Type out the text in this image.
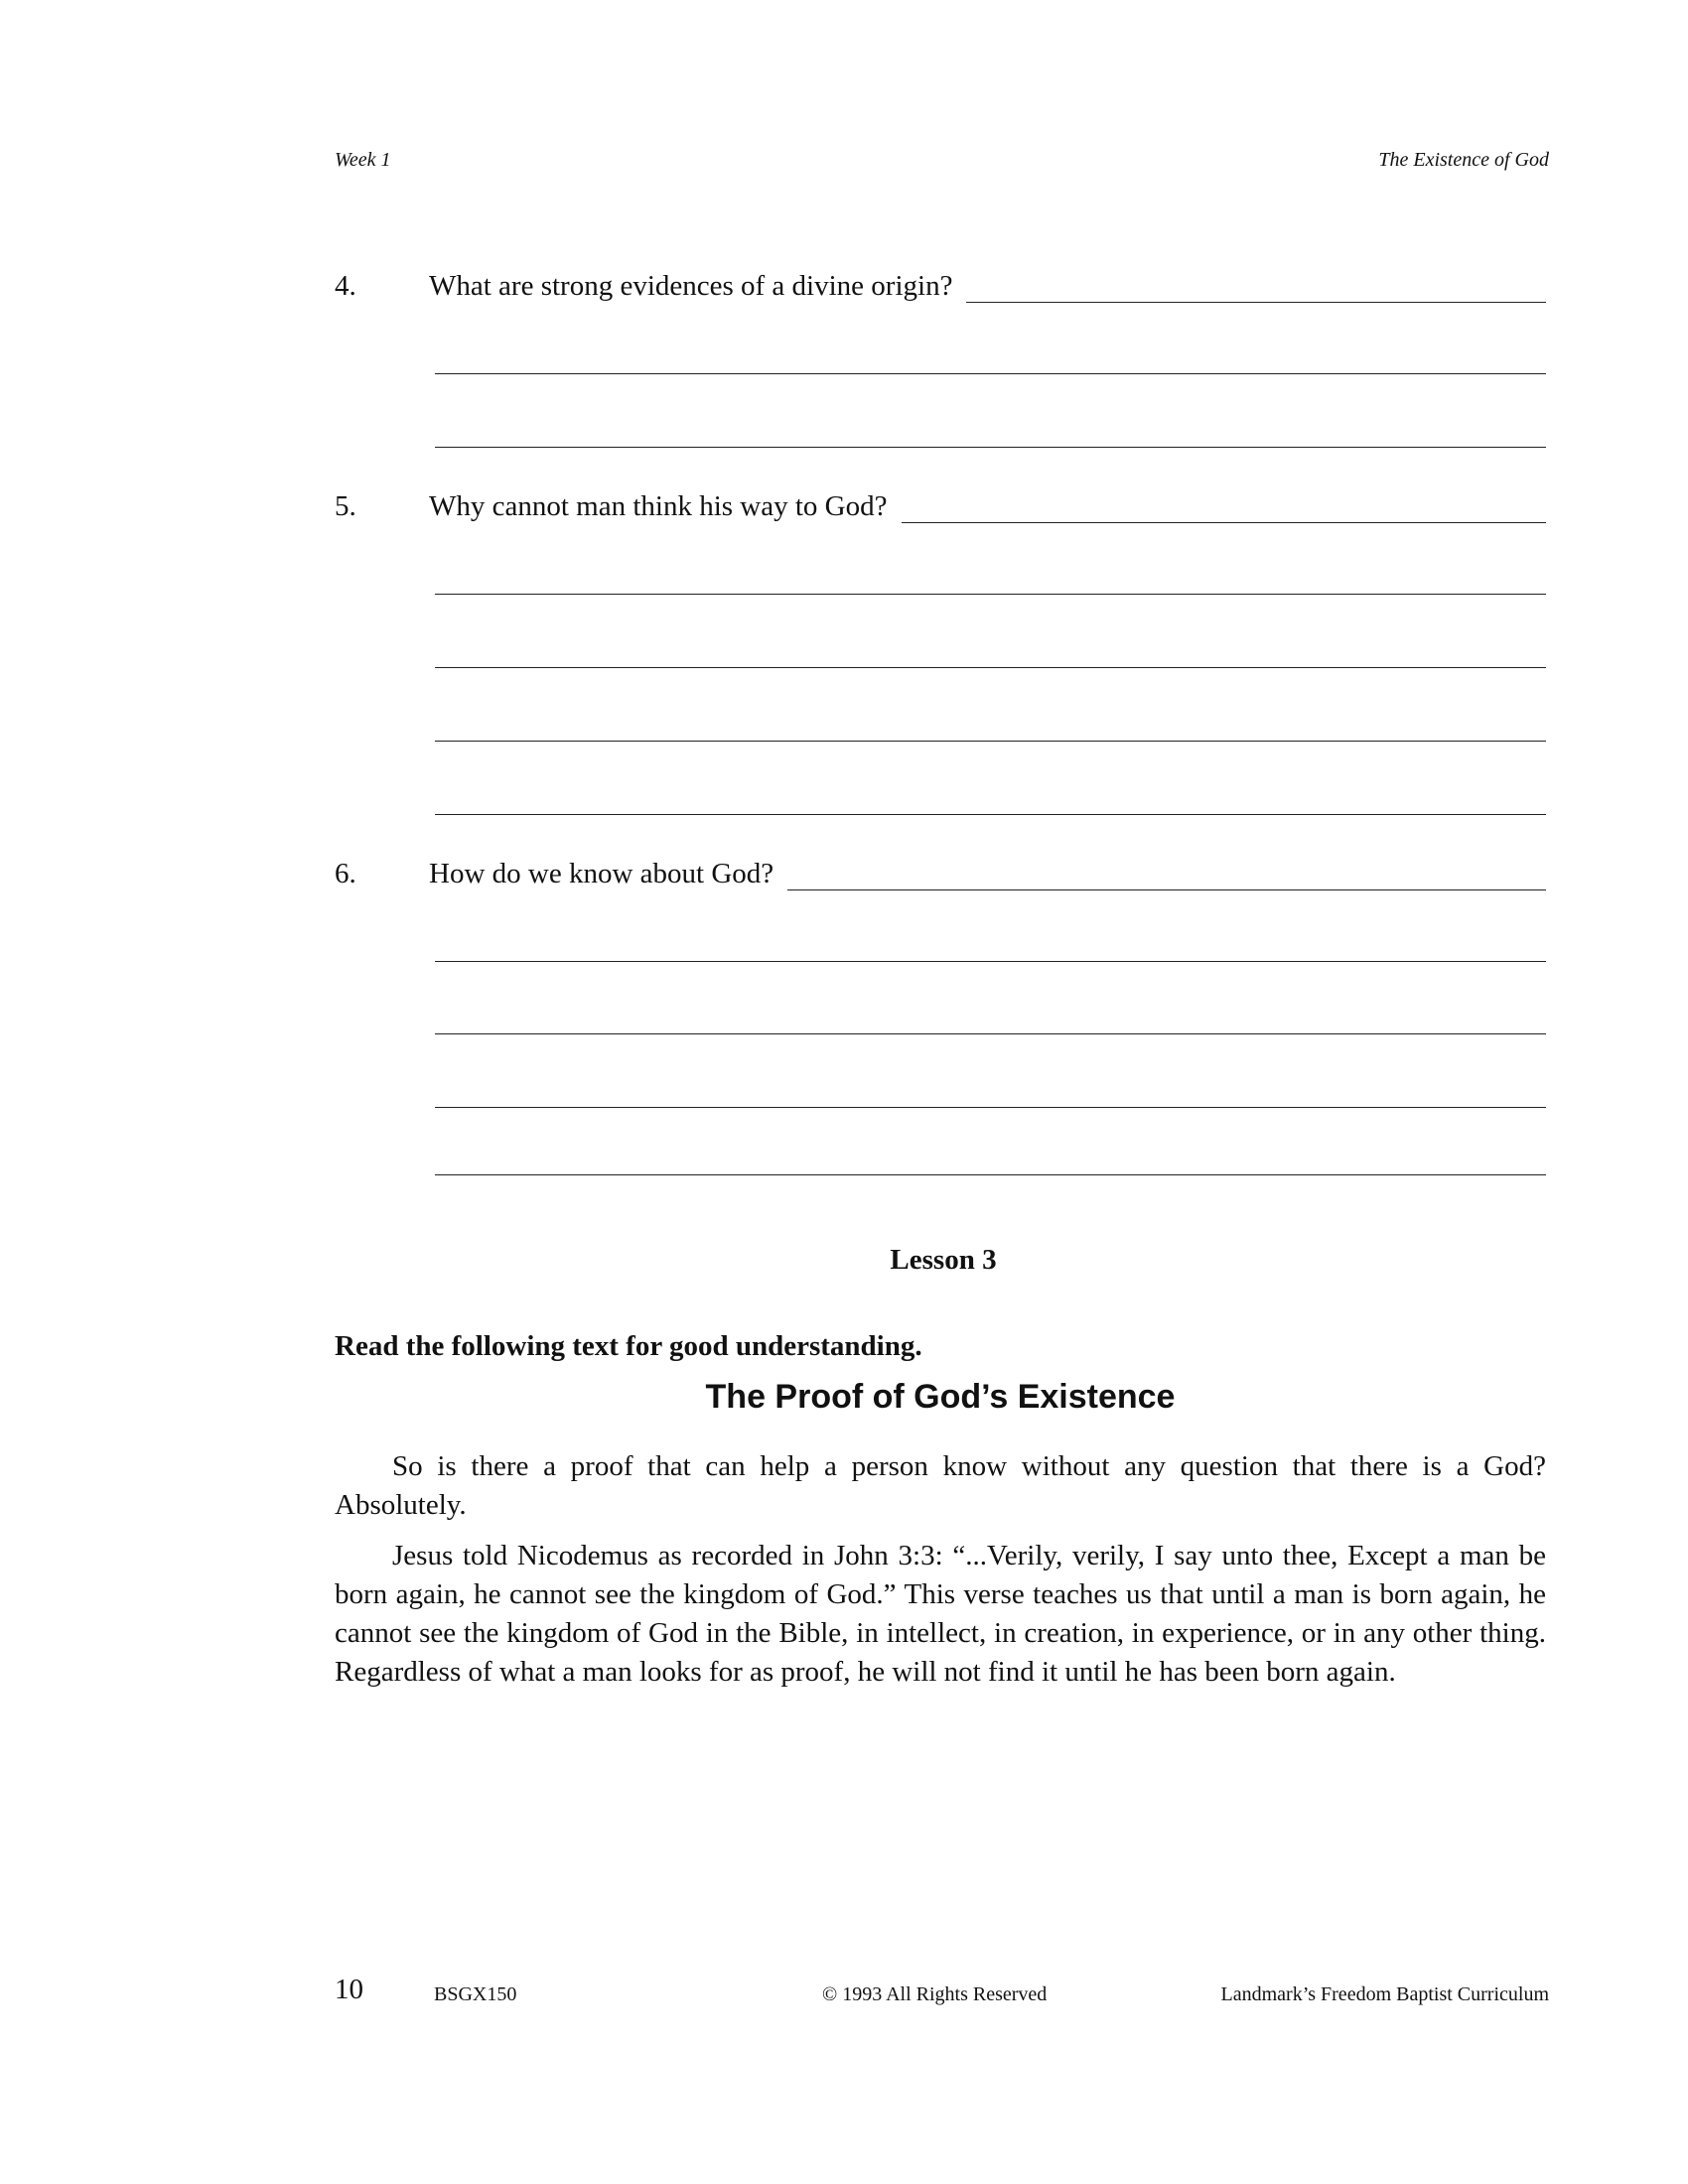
Week 1	The Existence of God
4.	What are strong evidences of a divine origin?
5.	Why cannot man think his way to God?
6.	How do we know about God?
Lesson 3
Read the following text for good understanding.
The Proof of God’s Existence

So is there a proof that can help a person know without any question that there is a God? Absolutely.

Jesus told Nicodemus as recorded in John 3:3: “...Verily, verily, I say unto thee, Except a man be born again, he cannot see the kingdom of God.” This verse teaches us that until a man is born again, he cannot see the kingdom of God in the Bible, in intellect, in creation, in experience, or in any other thing. Regardless of what a man looks for as proof, he will not find it until he has been born again.

10	BSGX150	© 1993 All Rights Reserved	Landmark’s Freedom Baptist Curriculum
